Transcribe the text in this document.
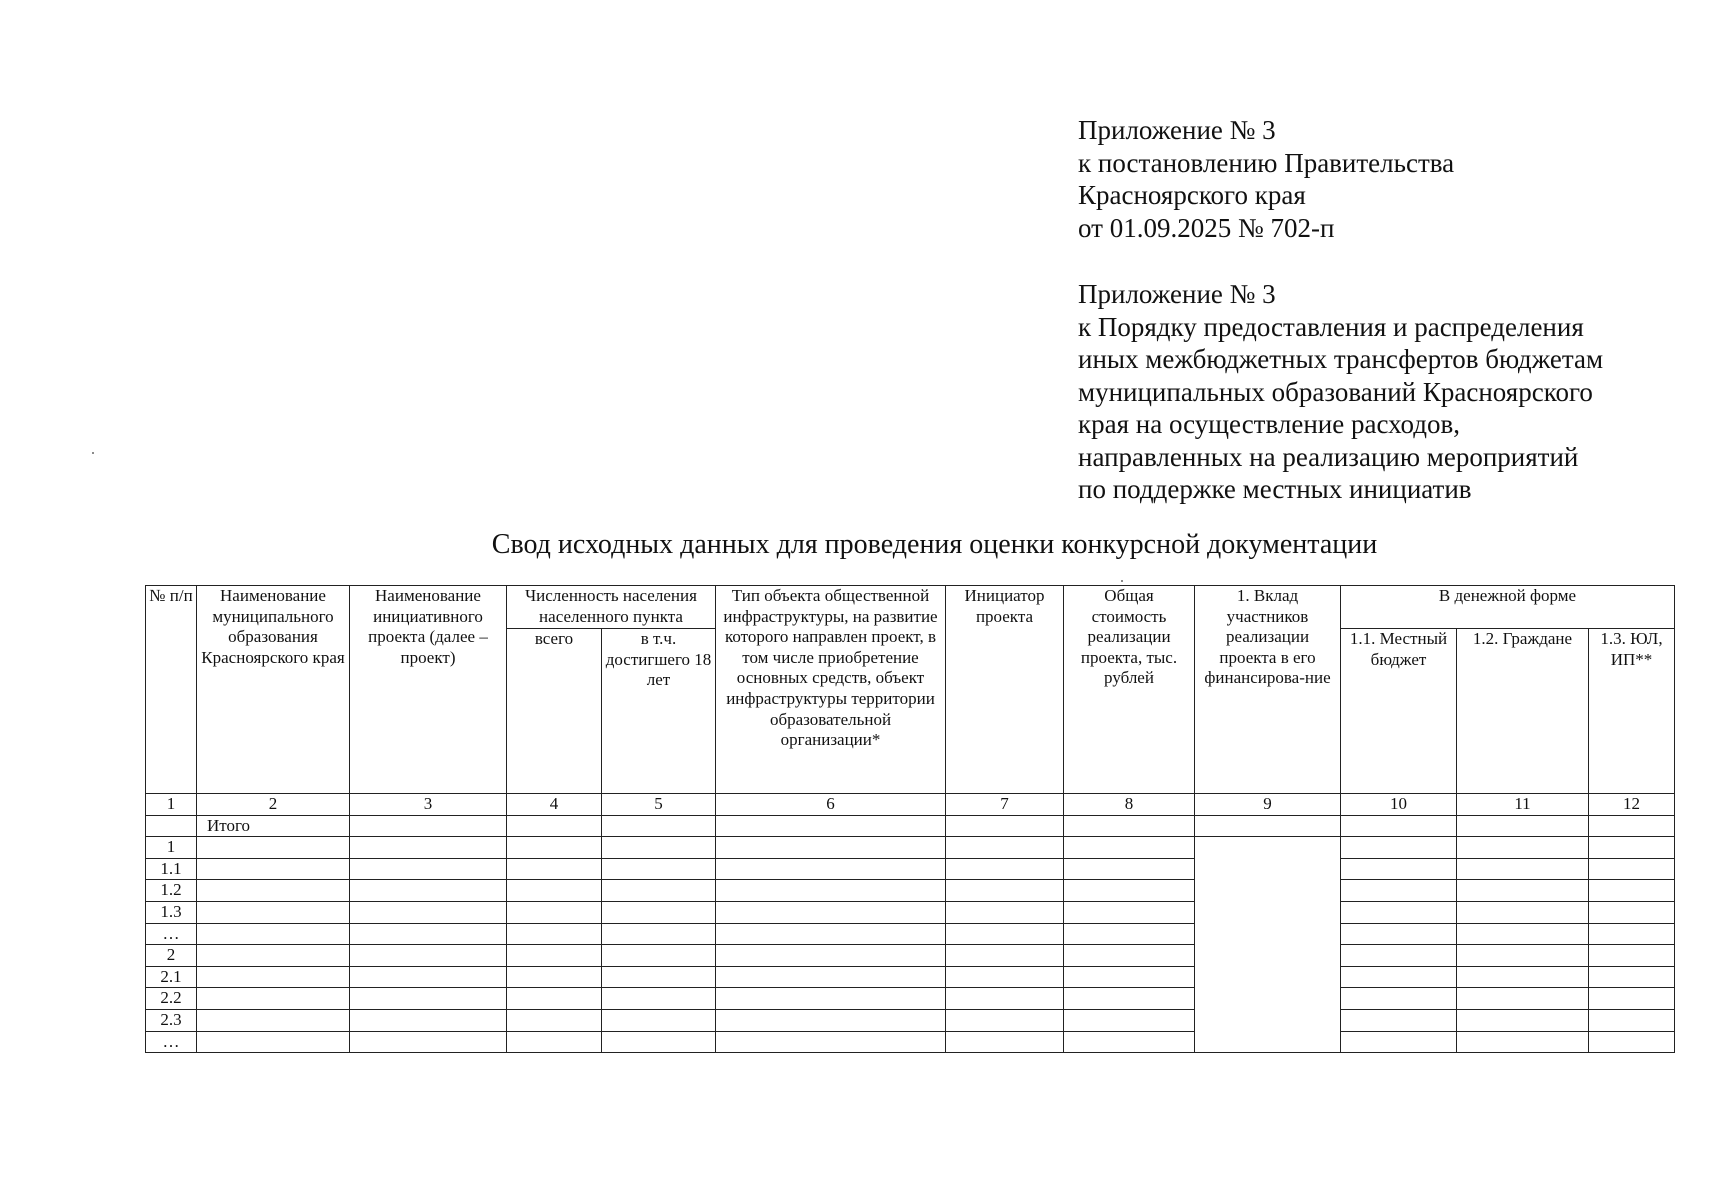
Приложение № 3
к постановлению Правительства
Красноярского края
от 01.09.2025 № 702-п
Приложение № 3
к Порядку предоставления и распределения
иных межбюджетных трансфертов бюджетам
муниципальных образований Красноярского
края на осуществление расходов,
направленных на реализацию мероприятий
по поддержке местных инициатив
Свод исходных данных для проведения оценки конкурсной документации
№ п/п	Наименование муниципального образования Красноярского края	Наименование инициативного проекта (далее – проект)	Численность населения населенного пункта		Тип объекта общественной инфраструктуры, на развитие которого направлен проект, в том числе приобретение основных средств, объект инфраструктуры территории образовательной организации*	Инициатор проекта	Общая стоимость реализации проекта, тыс. рублей	1. Вклад участников реализации проекта в его финансирова-ние	В денежной форме		
			всего	в т.ч. достигшего 18 лет					1.1. Местный бюджет	1.2. Граждане	1.3. ЮЛ, ИП**
1	2	3	4	5	6	7	8	9	10	11	12
	Итого										
1											
1.1											
1.2											
1.3											
…											
2											
2.1											
2.2											
2.3											
…											
